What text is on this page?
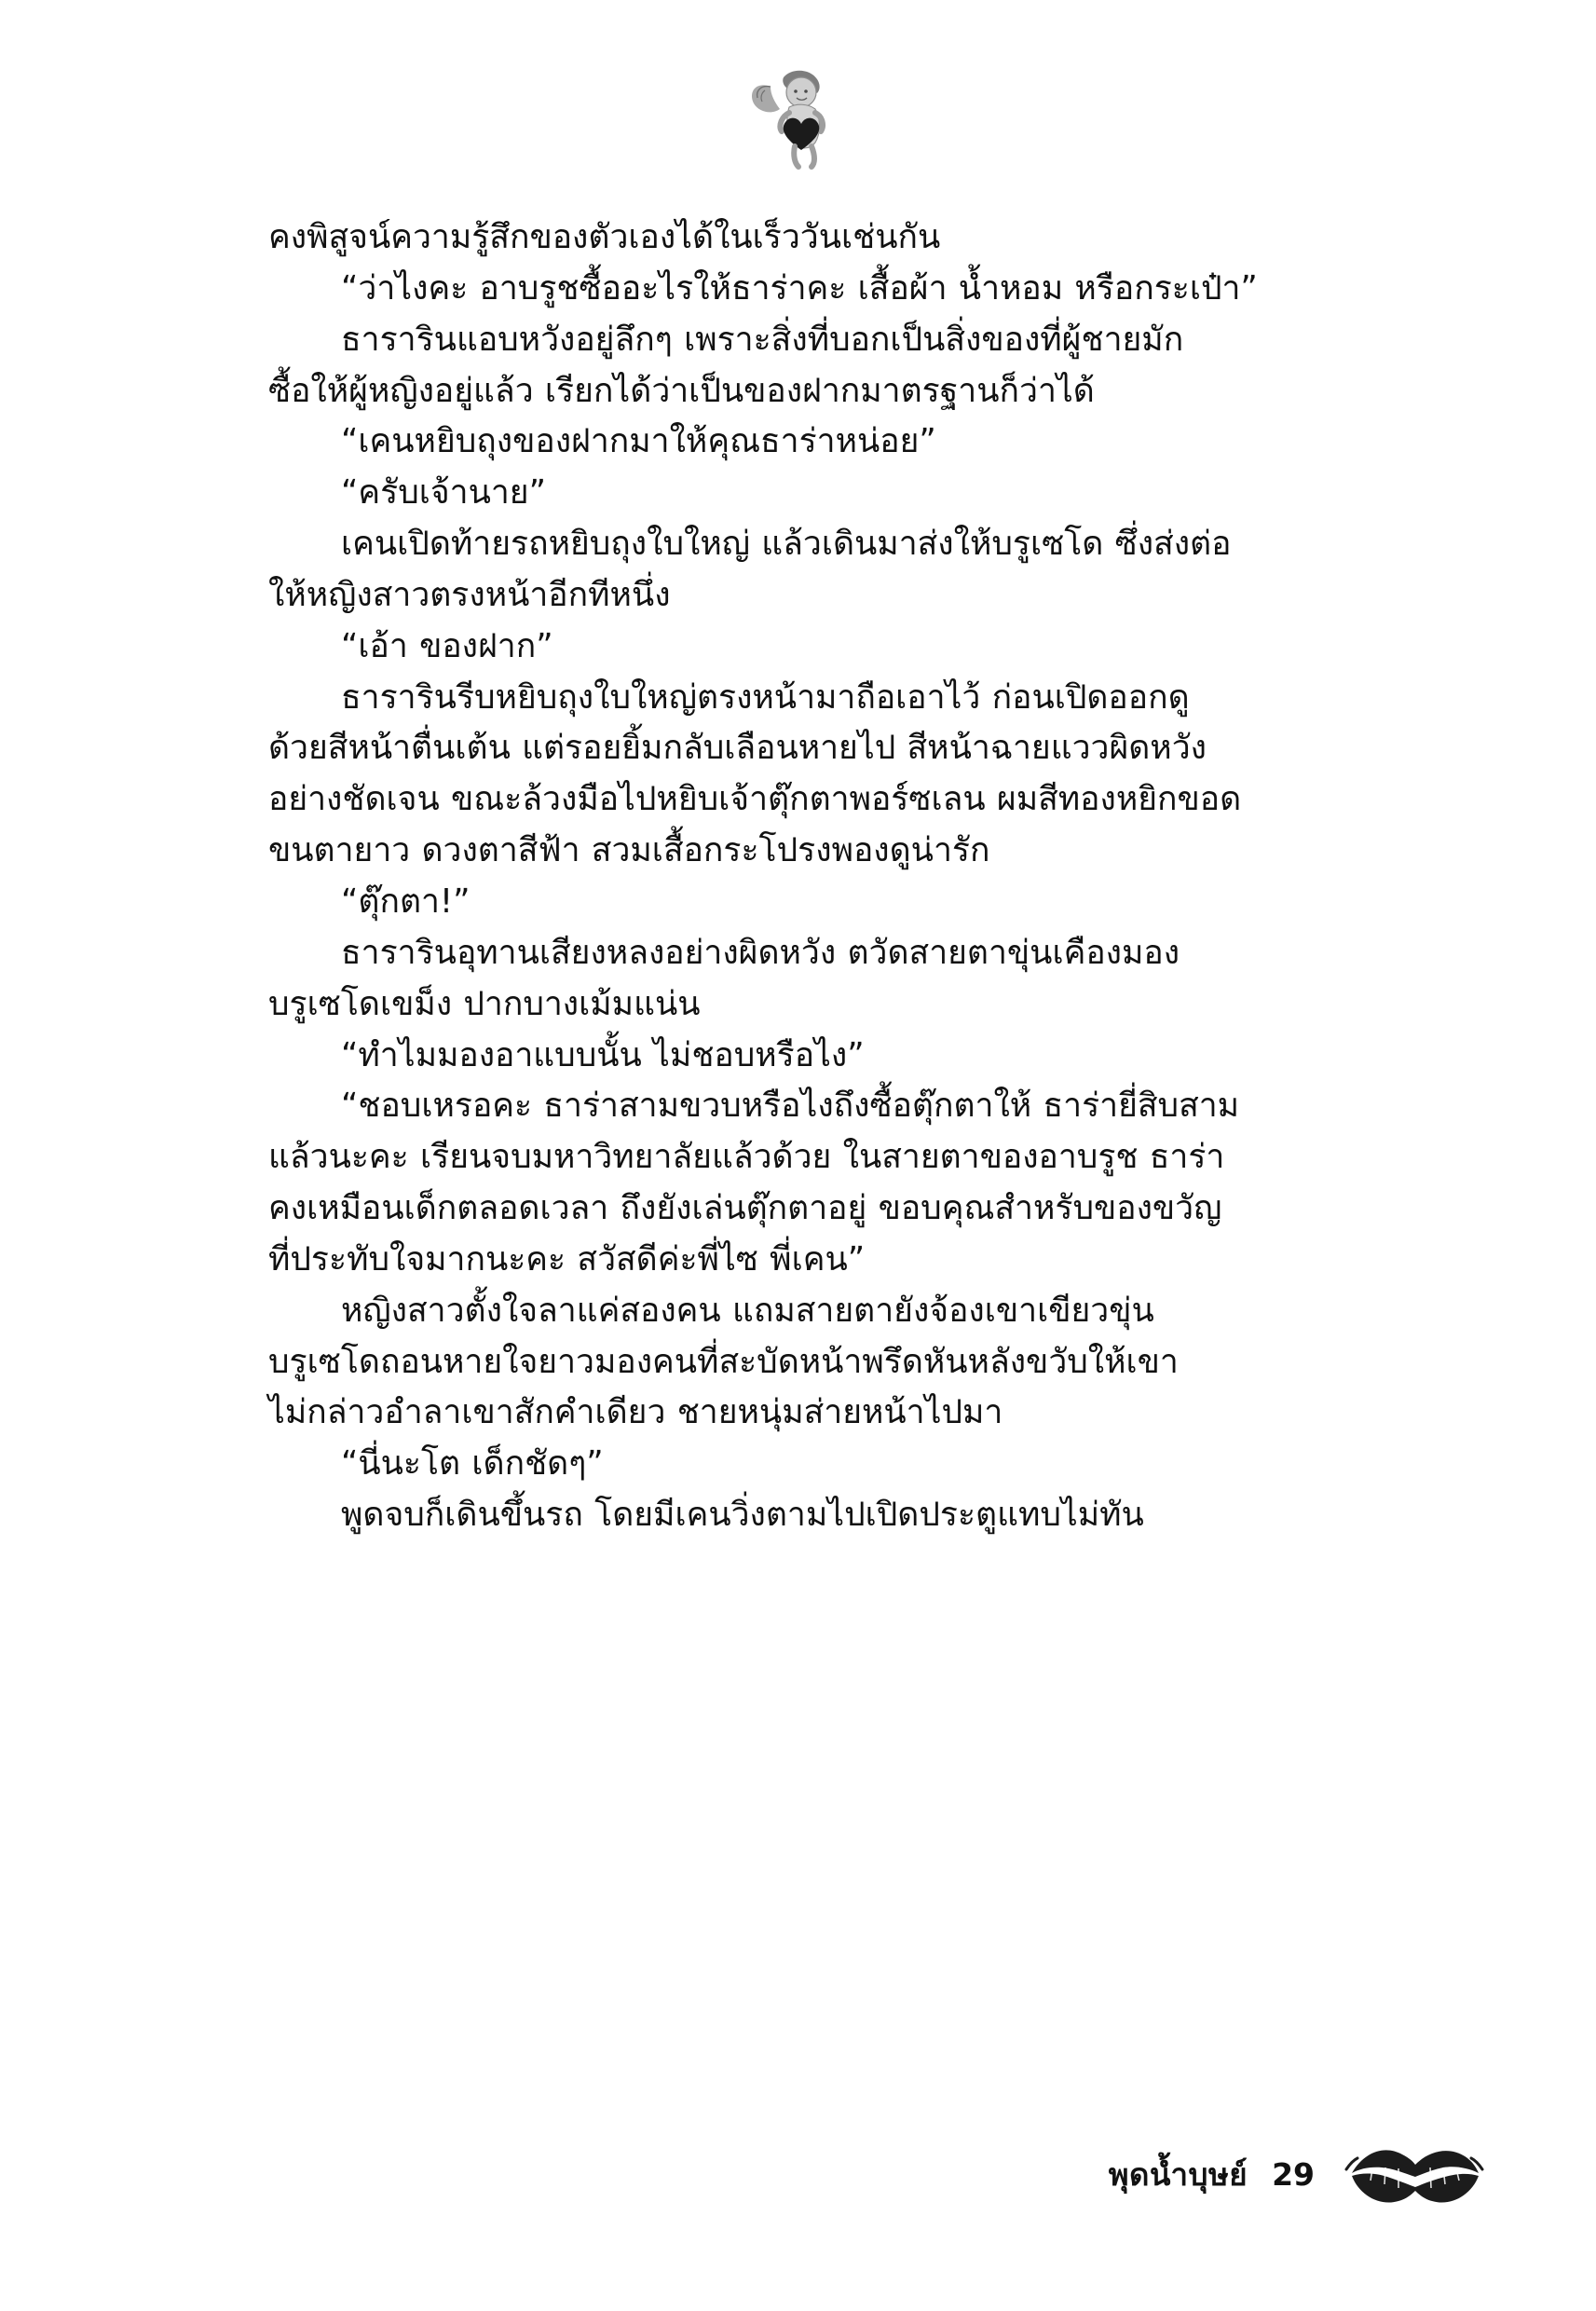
คงพิสูจน์ความรู้สึกของตัวเองได้ในเร็ววันเช่นกัน

“ว่าไงคะ อาบรูชซื้ออะไรให้ธาร่าคะ เสื้อผ้า น้ำหอม หรือกระเป๋า”

ธารารินแอบหวังอยู่ลึกๆ เพราะสิ่งที่บอกเป็นสิ่งของที่ผู้ชายมัก

ซื้อให้ผู้หญิงอยู่แล้ว เรียกได้ว่าเป็นของฝากมาตรฐานก็ว่าได้

“เคนหยิบถุงของฝากมาให้คุณธาร่าหน่อย”

“ครับเจ้านาย”

เคนเปิดท้ายรถหยิบถุงใบใหญ่ แล้วเดินมาส่งให้บรูเซโด ซึ่งส่งต่อ

ให้หญิงสาวตรงหน้าอีกทีหนึ่ง

“เอ้า ของฝาก”

ธารารินรีบหยิบถุงใบใหญ่ตรงหน้ามาถือเอาไว้ ก่อนเปิดออกดู

ด้วยสีหน้าตื่นเต้น แต่รอยยิ้มกลับเลือนหายไป สีหน้าฉายแววผิดหวัง

อย่างชัดเจน ขณะล้วงมือไปหยิบเจ้าตุ๊กตาพอร์ซเลน ผมสีทองหยิกขอด

ขนตายาว ดวงตาสีฟ้า สวมเสื้อกระโปรงพองดูน่ารัก

“ตุ๊กตา!”

ธารารินอุทานเสียงหลงอย่างผิดหวัง ตวัดสายตาขุ่นเคืองมอง

บรูเซโดเขม็ง ปากบางเม้มแน่น

“ทำไมมองอาแบบนั้น ไม่ชอบหรือไง”

“ชอบเหรอคะ ธาร่าสามขวบหรือไงถึงซื้อตุ๊กตาให้ ธาร่ายี่สิบสาม

แล้วนะคะ เรียนจบมหาวิทยาลัยแล้วด้วย ในสายตาของอาบรูช ธาร่า

คงเหมือนเด็กตลอดเวลา ถึงยังเล่นตุ๊กตาอยู่ ขอบคุณสำหรับของขวัญ

ที่ประทับใจมากนะคะ สวัสดีค่ะพี่ไซ พี่เคน”

หญิงสาวตั้งใจลาแค่สองคน แถมสายตายังจ้องเขาเขียวขุ่น

บรูเซโดถอนหายใจยาวมองคนที่สะบัดหน้าพรึดหันหลังขวับให้เขา

ไม่กล่าวอำลาเขาสักคำเดียว ชายหนุ่มส่ายหน้าไปมา

“นี่นะโต เด็กชัดๆ”

พูดจบก็เดินขึ้นรถ โดยมีเคนวิ่งตามไปเปิดประตูแทบไม่ทัน

พุดน้ำบุษย์ 29
